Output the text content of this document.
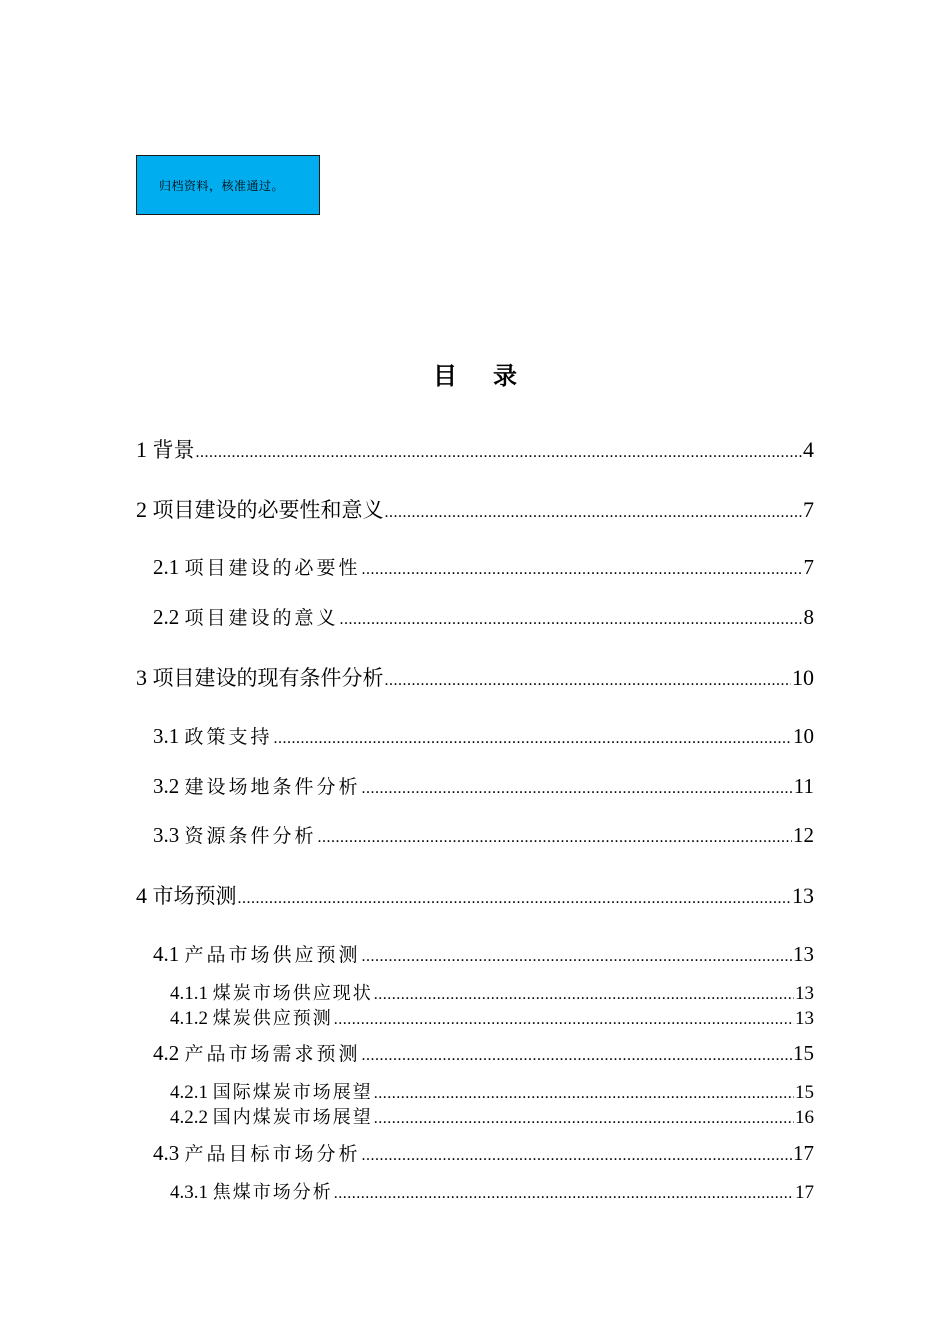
归档资料，核准通过。
目 录
1 背景 .....	4
2 项目建设的必要性和意义 .....	7
2.1 项目建设的必要性 .....	7
2.2 项目建设的意义 .....	8
3 项目建设的现有条件分析 .....	10
3.1 政策支持 .....	10
3.2 建设场地条件分析 .....	11
3.3 资源条件分析 .....	12
4 市场预测 .....	13
4.1 产品市场供应预测 .....	13
4.1.1 煤炭市场供应现状 .....	13
4.1.2 煤炭供应预测 .....	13
4.2 产品市场需求预测 .....	15
4.2.1 国际煤炭市场展望 .....	15
4.2.2 国内煤炭市场展望 .....	16
4.3 产品目标市场分析 .....	17
4.3.1 焦煤市场分析 .....	17
